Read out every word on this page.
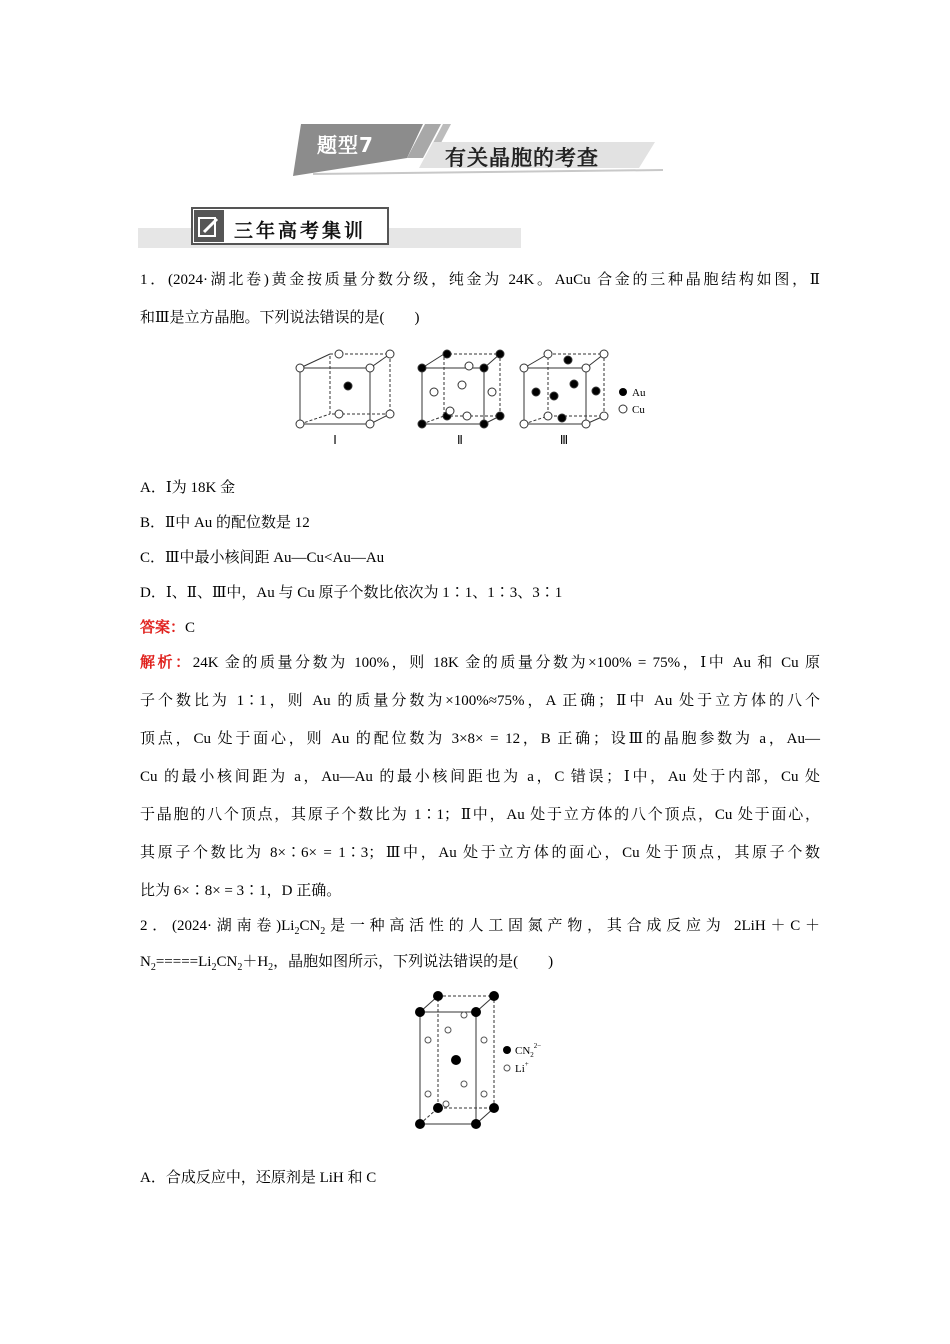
题型7
有关晶胞的考查
三年高考集训
1．(2024·湖北卷)黄金按质量分数分级，纯金为 24K。AuCu 合金的三种晶胞结构如图，Ⅱ
和Ⅲ是立方晶胞。下列说法错误的是(　　)
Ⅰ	Ⅱ	Ⅲ
Au
Cu
A．Ⅰ为 18K 金
B．Ⅱ中 Au 的配位数是 12
C．Ⅲ中最小核间距 Au—Cu<Au—Au
D．Ⅰ、Ⅱ、Ⅲ中，Au 与 Cu 原子个数比依次为 1∶1、1∶3、3∶1
答案：C
解析：24K 金的质量分数为 100%，则 18K 金的质量分数为×100% = 75%，Ⅰ中 Au 和 Cu 原
子个数比为 1∶1，则 Au 的质量分数为×100%≈75%，A 正确；Ⅱ中 Au 处于立方体的八个
顶点，Cu 处于面心，则 Au 的配位数为 3×8× = 12，B 正确；设Ⅲ的晶胞参数为 a，Au—
Cu 的最小核间距为 a，Au—Au 的最小核间距也为 a，C 错误；Ⅰ中，Au 处于内部，Cu 处
于晶胞的八个顶点，其原子个数比为 1∶1；Ⅱ中，Au 处于立方体的八个顶点，Cu 处于面心，
其原子个数比为 8×∶6× = 1∶3；Ⅲ中，Au 处于立方体的面心，Cu 处于顶点，其原子个数
比为 6×∶8× = 3∶1，D 正确。
2．(2024·湖南卷)$Li_2CN_2$是一种高活性的人工固氮产物，其合成反应为 2LiH＋C＋
$N_2=====Li_2CN_2+H_2$，晶胞如图所示，下列说法错误的是(　　)
$CN_2^{2-}$
Li+
A．合成反应中，还原剂是 LiH 和 C
